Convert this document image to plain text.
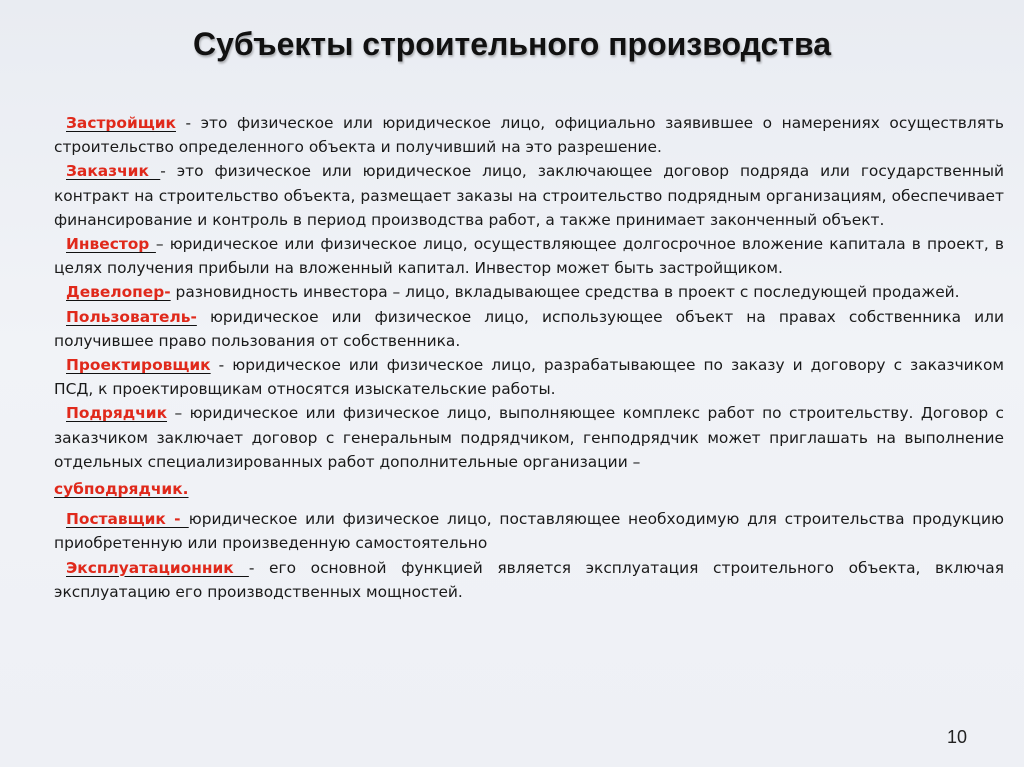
Субъекты строительного производства

Застройщик - это физическое или юридическое лицо, официально заявившее о намерениях осуществлять строительство определенного объекта и получивший на это разрешение.

Заказчик - это физическое или юридическое лицо, заключающее договор подряда или государственный контракт на строительство объекта, размещает заказы на строительство подрядным организациям, обеспечивает финансирование и контроль в период производства работ, а также принимает законченный объект.

Инвестор – юридическое или физическое лицо, осуществляющее долгосрочное вложение капитала в проект, в целях получения прибыли на вложенный капитал. Инвестор может быть застройщиком.

Девелопер- разновидность инвестора – лицо, вкладывающее средства в проект с последующей продажей.

Пользователь- юридическое или физическое лицо, использующее объект на правах собственника или получившее право пользования от собственника.

Проектировщик - юридическое или физическое лицо, разрабатывающее по заказу и договору с заказчиком ПСД, к проектировщикам относятся изыскательские работы.

Подрядчик – юридическое или физическое лицо, выполняющее комплекс работ по строительству. Договор с заказчиком заключает договор с генеральным подрядчиком, генподрядчик может приглашать на выполнение отдельных специализированных работ дополнительные организации –
субподрядчик.

Поставщик - юридическое или физическое лицо, поставляющее необходимую для строительства продукцию приобретенную или произведенную самостоятельно

Эксплуатационник - его основной функцией является эксплуатация строительного объекта, включая эксплуатацию его производственных мощностей.

10
